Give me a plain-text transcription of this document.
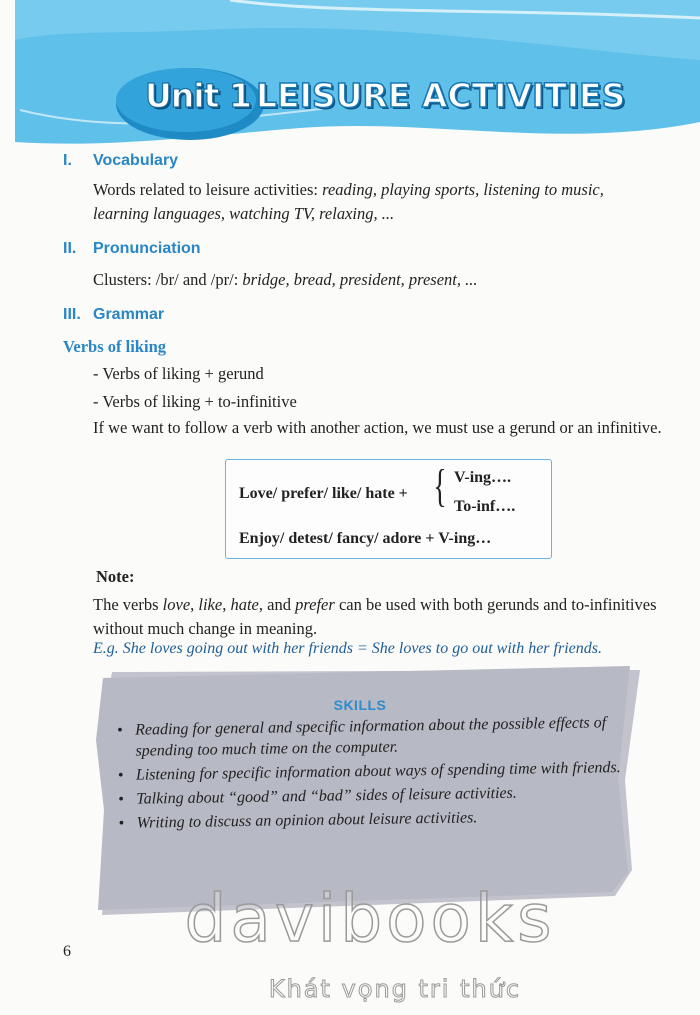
Unit 1 LEISURE ACTIVITIES
I. Vocabulary
Words related to leisure activities: reading, playing sports, listening to music, learning languages, watching TV, relaxing, ...
II. Pronunciation
Clusters: /br/ and /pr/: bridge, bread, president, present, ...
III. Grammar
Verbs of liking
- Verbs of liking + gerund
- Verbs of liking + to-infinitive
If we want to follow a verb with another action, we must use a gerund or an infinitive.
Love/ prefer/ like/ hate + { V-ing….
To-inf….
Enjoy/ detest/ fancy/ adore + V-ing…
Note:
The verbs love, like, hate, and prefer can be used with both gerunds and to-infinitives without much change in meaning.
E.g. She loves going out with her friends = She loves to go out with her friends.
SKILLS
• Reading for general and specific information about the possible effects of spending too much time on the computer.
• Listening for specific information about ways of spending time with friends.
• Talking about “good” and “bad” sides of leisure activities.
• Writing to discuss an opinion about leisure activities.
6	davibooks
Khát vọng tri thức
